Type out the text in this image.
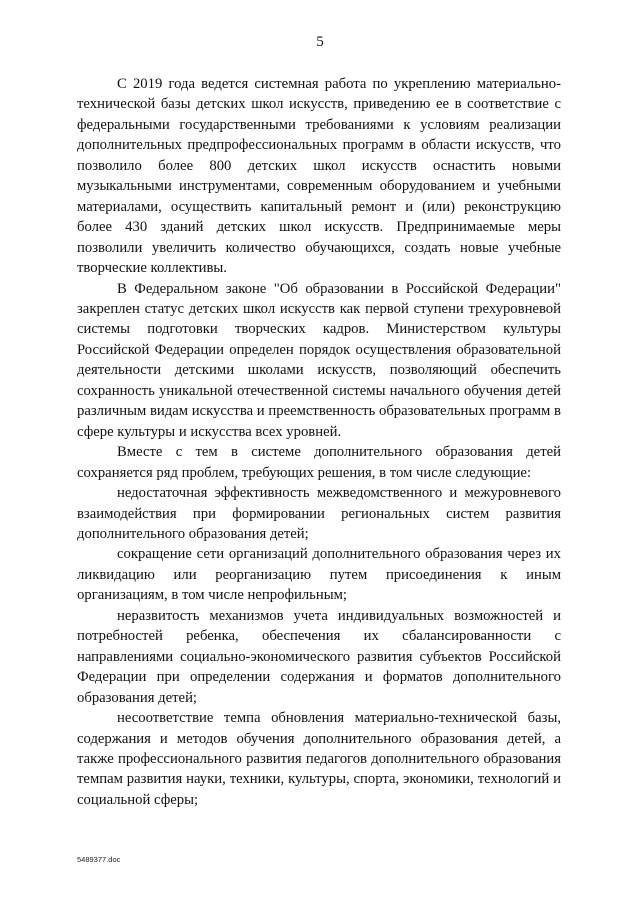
5

С 2019 года ведется системная работа по укреплению материально-технической базы детских школ искусств, приведению ее в соответствие с федеральными государственными требованиями к условиям реализации дополнительных предпрофессиональных программ в области искусств, что позволило более 800 детских школ искусств оснастить новыми музыкальными инструментами, современным оборудованием и учебными материалами, осуществить капитальный ремонт и (или) реконструкцию более 430 зданий детских школ искусств. Предпринимаемые меры позволили увеличить количество обучающихся, создать новые учебные творческие коллективы.

В Федеральном законе "Об образовании в Российской Федерации" закреплен статус детских школ искусств как первой ступени трехуровневой системы подготовки творческих кадров. Министерством культуры Российской Федерации определен порядок осуществления образовательной деятельности детскими школами искусств, позволяющий обеспечить сохранность уникальной отечественной системы начального обучения детей различным видам искусства и преемственность образовательных программ в сфере культуры и искусства всех уровней.

Вместе с тем в системе дополнительного образования детей сохраняется ряд проблем, требующих решения, в том числе следующие:

недостаточная эффективность межведомственного и межуровневого взаимодействия при формировании региональных систем развития дополнительного образования детей;

сокращение сети организаций дополнительного образования через их ликвидацию или реорганизацию путем присоединения к иным организациям, в том числе непрофильным;

неразвитость механизмов учета индивидуальных возможностей и потребностей ребенка, обеспечения их сбалансированности с направлениями социально-экономического развития субъектов Российской Федерации при определении содержания и форматов дополнительного образования детей;

несоответствие темпа обновления материально-технической базы, содержания и методов обучения дополнительного образования детей, а также профессионального развития педагогов дополнительного образования темпам развития науки, техники, культуры, спорта, экономики, технологий и социальной сферы;

5489377.doc
